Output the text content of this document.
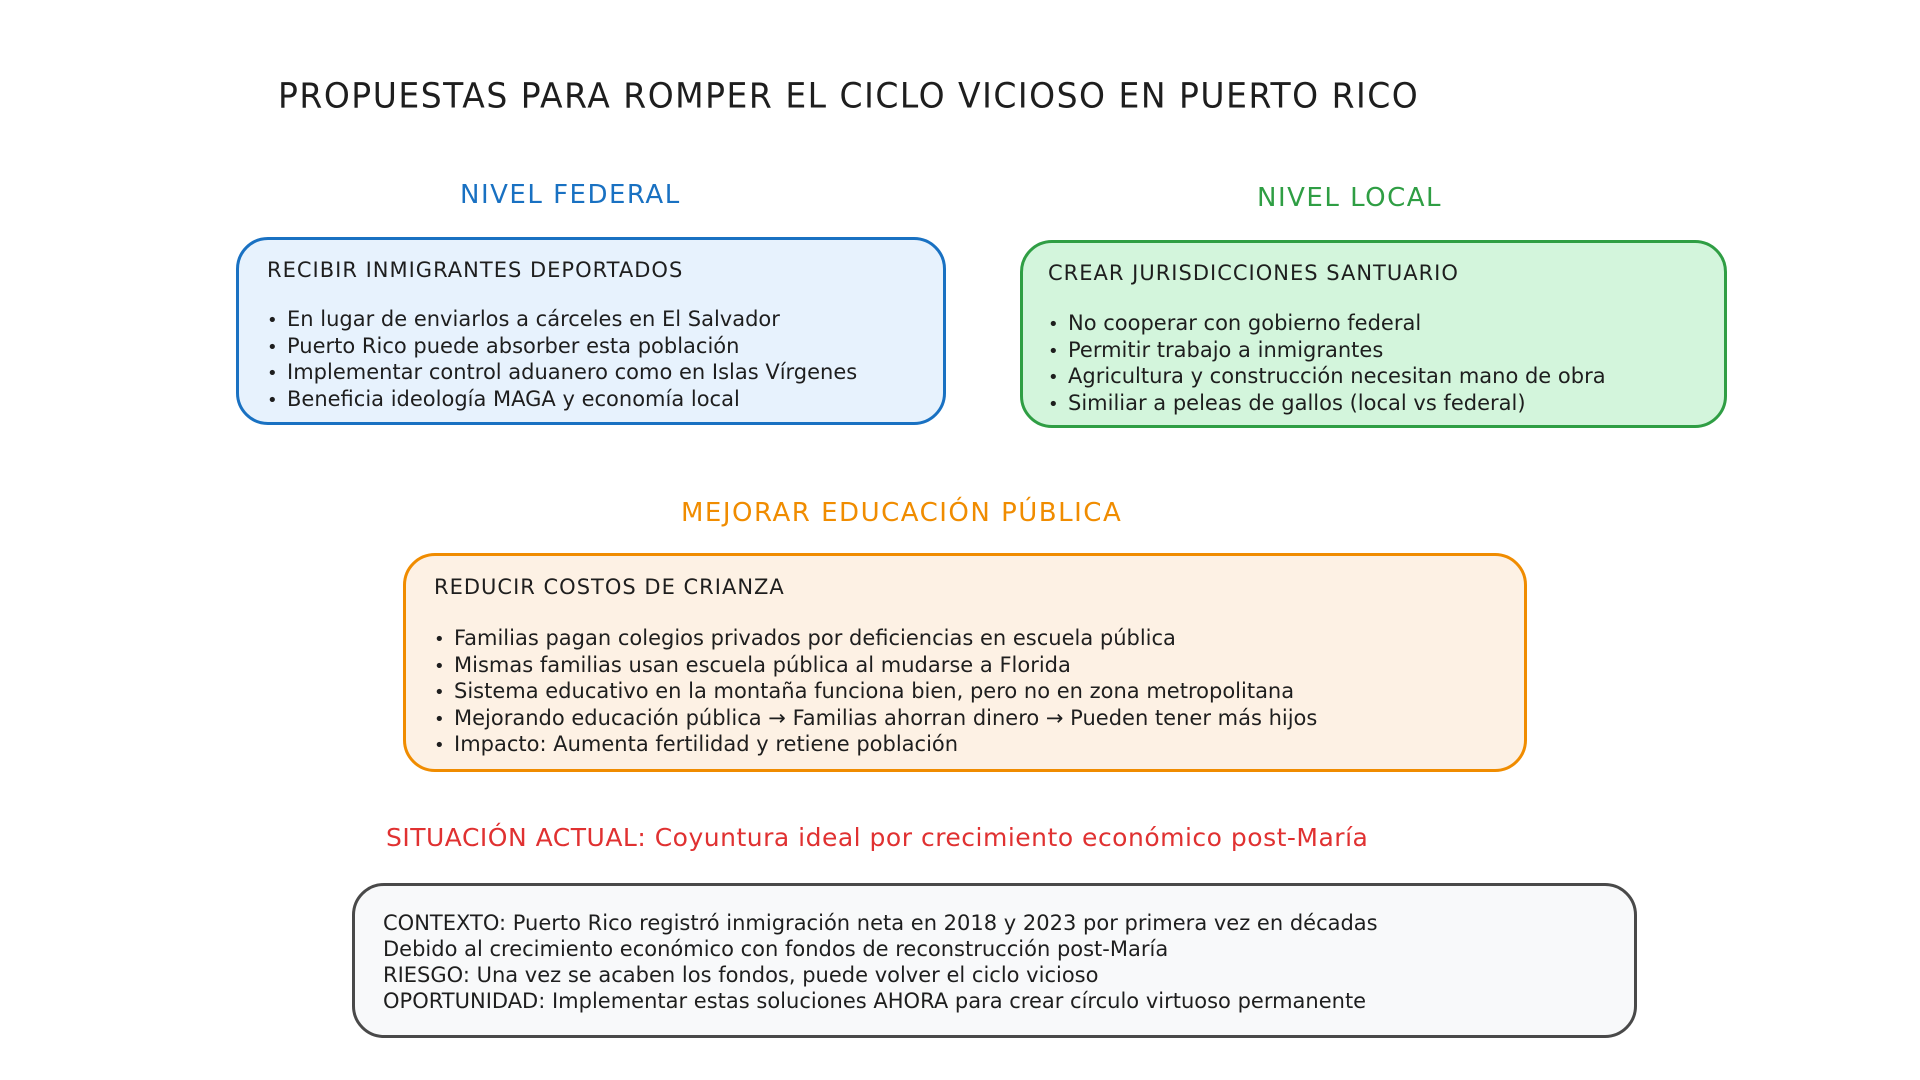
PROPUESTAS PARA ROMPER EL CICLO VICIOSO EN PUERTO RICO
NIVEL FEDERAL
RECIBIR INMIGRANTES DEPORTADOS
• En lugar de enviarlos a cárceles en El Salvador
• Puerto Rico puede absorber esta población
• Implementar control aduanero como en Islas Vírgenes
• Beneficia ideología MAGA y economía local
NIVEL LOCAL
CREAR JURISDICCIONES SANTUARIO
• No cooperar con gobierno federal
• Permitir trabajo a inmigrantes
• Agricultura y construcción necesitan mano de obra
• Similiar a peleas de gallos (local vs federal)
MEJORAR EDUCACIÓN PÚBLICA
REDUCIR COSTOS DE CRIANZA
• Familias pagan colegios privados por deficiencias en escuela pública
• Mismas familias usan escuela pública al mudarse a Florida
• Sistema educativo en la montaña funciona bien, pero no en zona metropolitana
• Mejorando educación pública → Familias ahorran dinero → Pueden tener más hijos
• Impacto: Aumenta fertilidad y retiene población
SITUACIÓN ACTUAL: Coyuntura ideal por crecimiento económico post-María
CONTEXTO: Puerto Rico registró inmigración neta en 2018 y 2023 por primera vez en décadas
Debido al crecimiento económico con fondos de reconstrucción post-María
RIESGO: Una vez se acaben los fondos, puede volver el ciclo vicioso
OPORTUNIDAD: Implementar estas soluciones AHORA para crear círculo virtuoso permanente
